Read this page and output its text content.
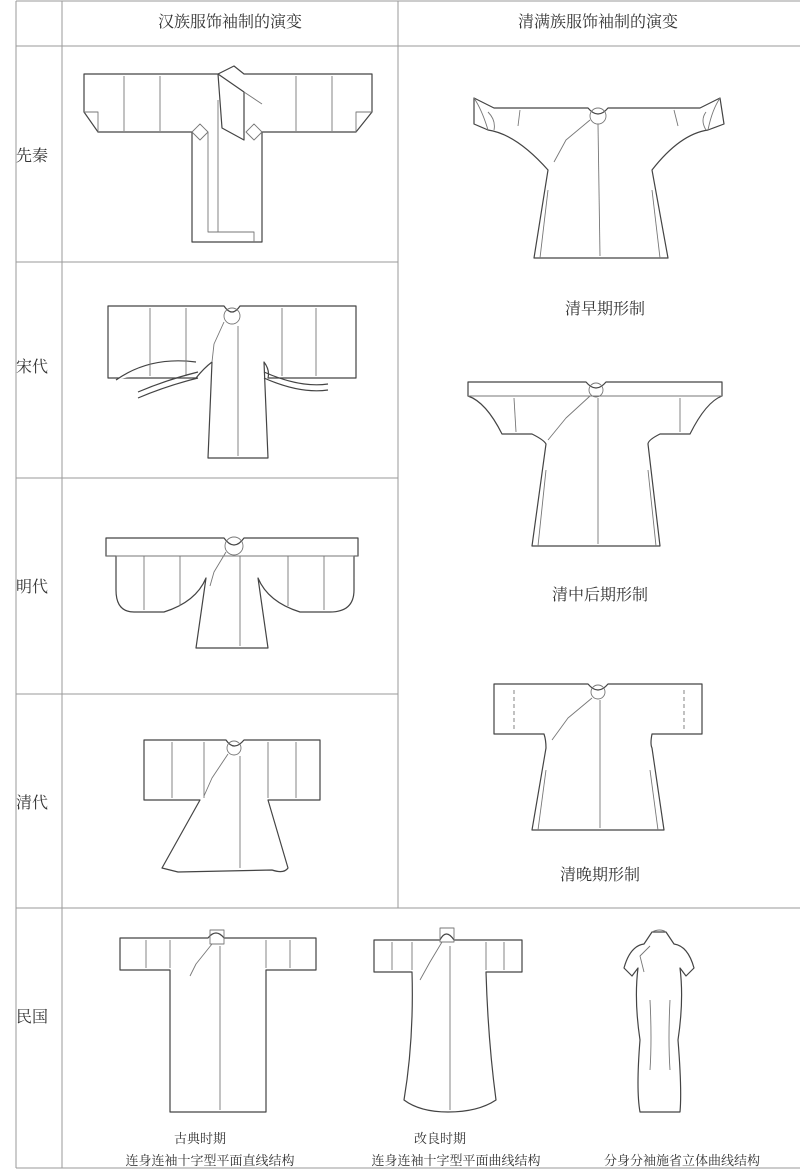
汉族服饰袖制的演变	清满族服饰袖制的演变
先秦
宋代
明代
清代
民国
清早期形制
清中后期形制
清晚期形制
古典时期
连身连袖十字型平面直线结构
改良时期
连身连袖十字型平面曲线结构	分身分袖施省立体曲线结构
